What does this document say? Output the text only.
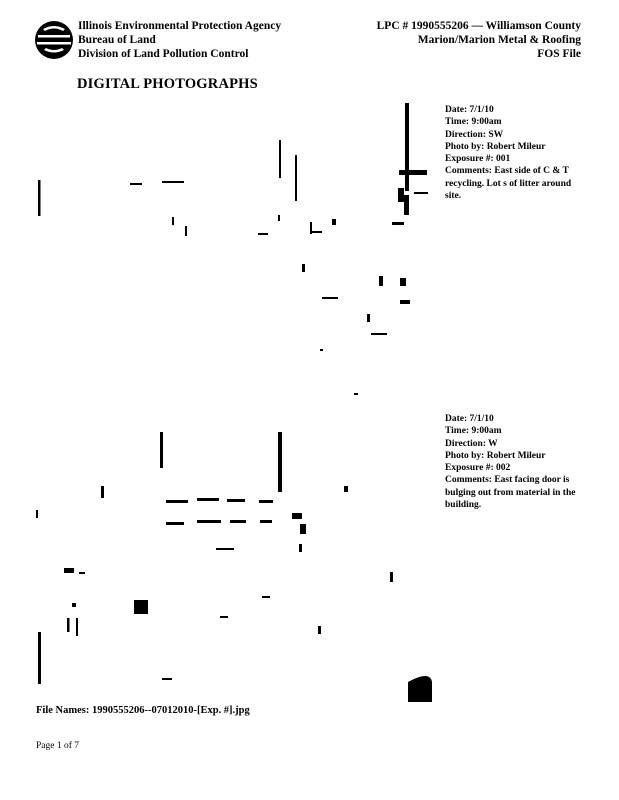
Illinois Environmental Protection Agency
Bureau of Land
Division of Land Pollution Control
LPC # 1990555206 — Williamson County
Marion/Marion Metal & Roofing
FOS File
DIGITAL PHOTOGRAPHS
Date: 7/1/10
Time: 9:00am
Direction: SW
Photo by: Robert Mileur
Exposure #: 001
Comments: East side of C & T recycling. Lot s of litter around site.
Date: 7/1/10
Time: 9:00am
Direction: W
Photo by: Robert Mileur
Exposure #: 002
Comments: East facing door is bulging out from material in the building.
File Names: 1990555206--07012010-[Exp. #].jpg
Page 1 of 7
